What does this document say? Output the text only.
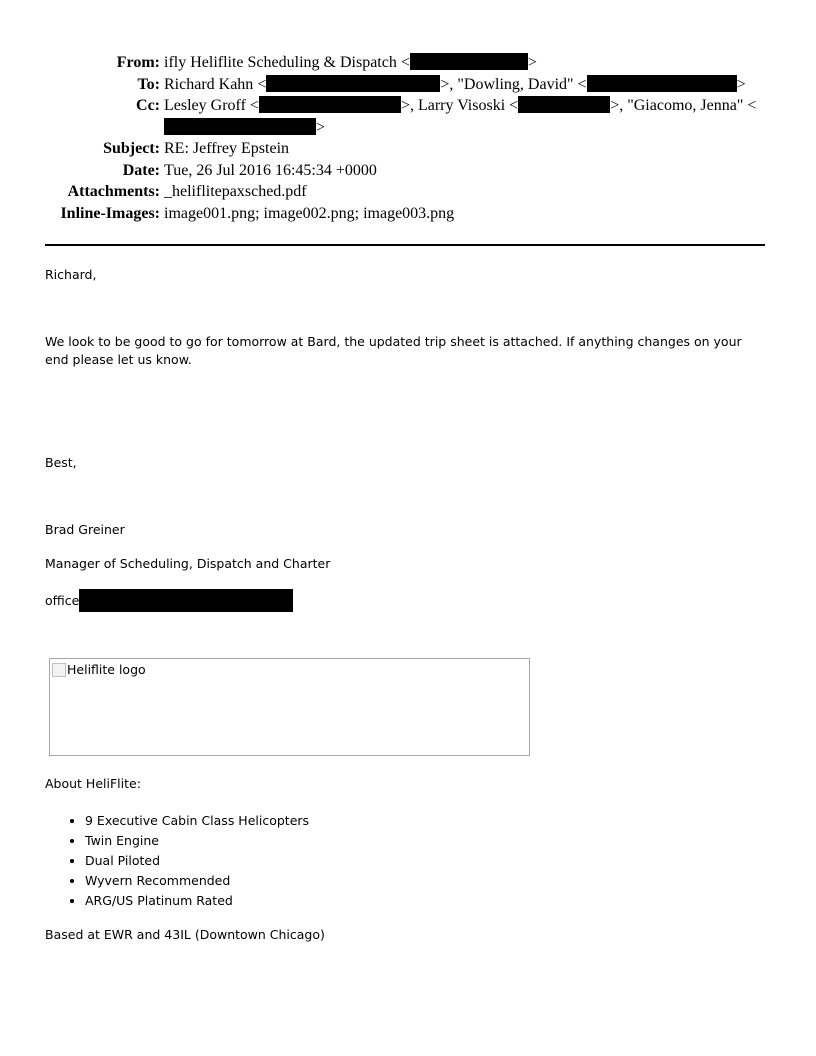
From: ifly Heliflite Scheduling & Dispatch <	>
To: Richard Kahn <	>, "Dowling, David" <	>
Cc: Lesley Groff <	>, Larry Visoski <	>, "Giacomo, Jenna" <>
Subject: RE: Jeffrey Epstein
Date: Tue, 26 Jul 2016 16:45:34 +0000
Attachments: _heliflitepaxsched.pdf
Inline-Images: image001.png; image002.png; image003.png
Richard,
We look to be good to go for tomorrow at Bard, the updated trip sheet is attached. If anything changes on your end please let us know.
Best,
Brad Greiner
Manager of Scheduling, Dispatch and Charter
office
Heliflite logo
About HeliFlite:
• 9 Executive Cabin Class Helicopters
• Twin Engine
• Dual Piloted
• Wyvern Recommended
• ARG/US Platinum Rated
Based at EWR and 43IL (Downtown Chicago)
